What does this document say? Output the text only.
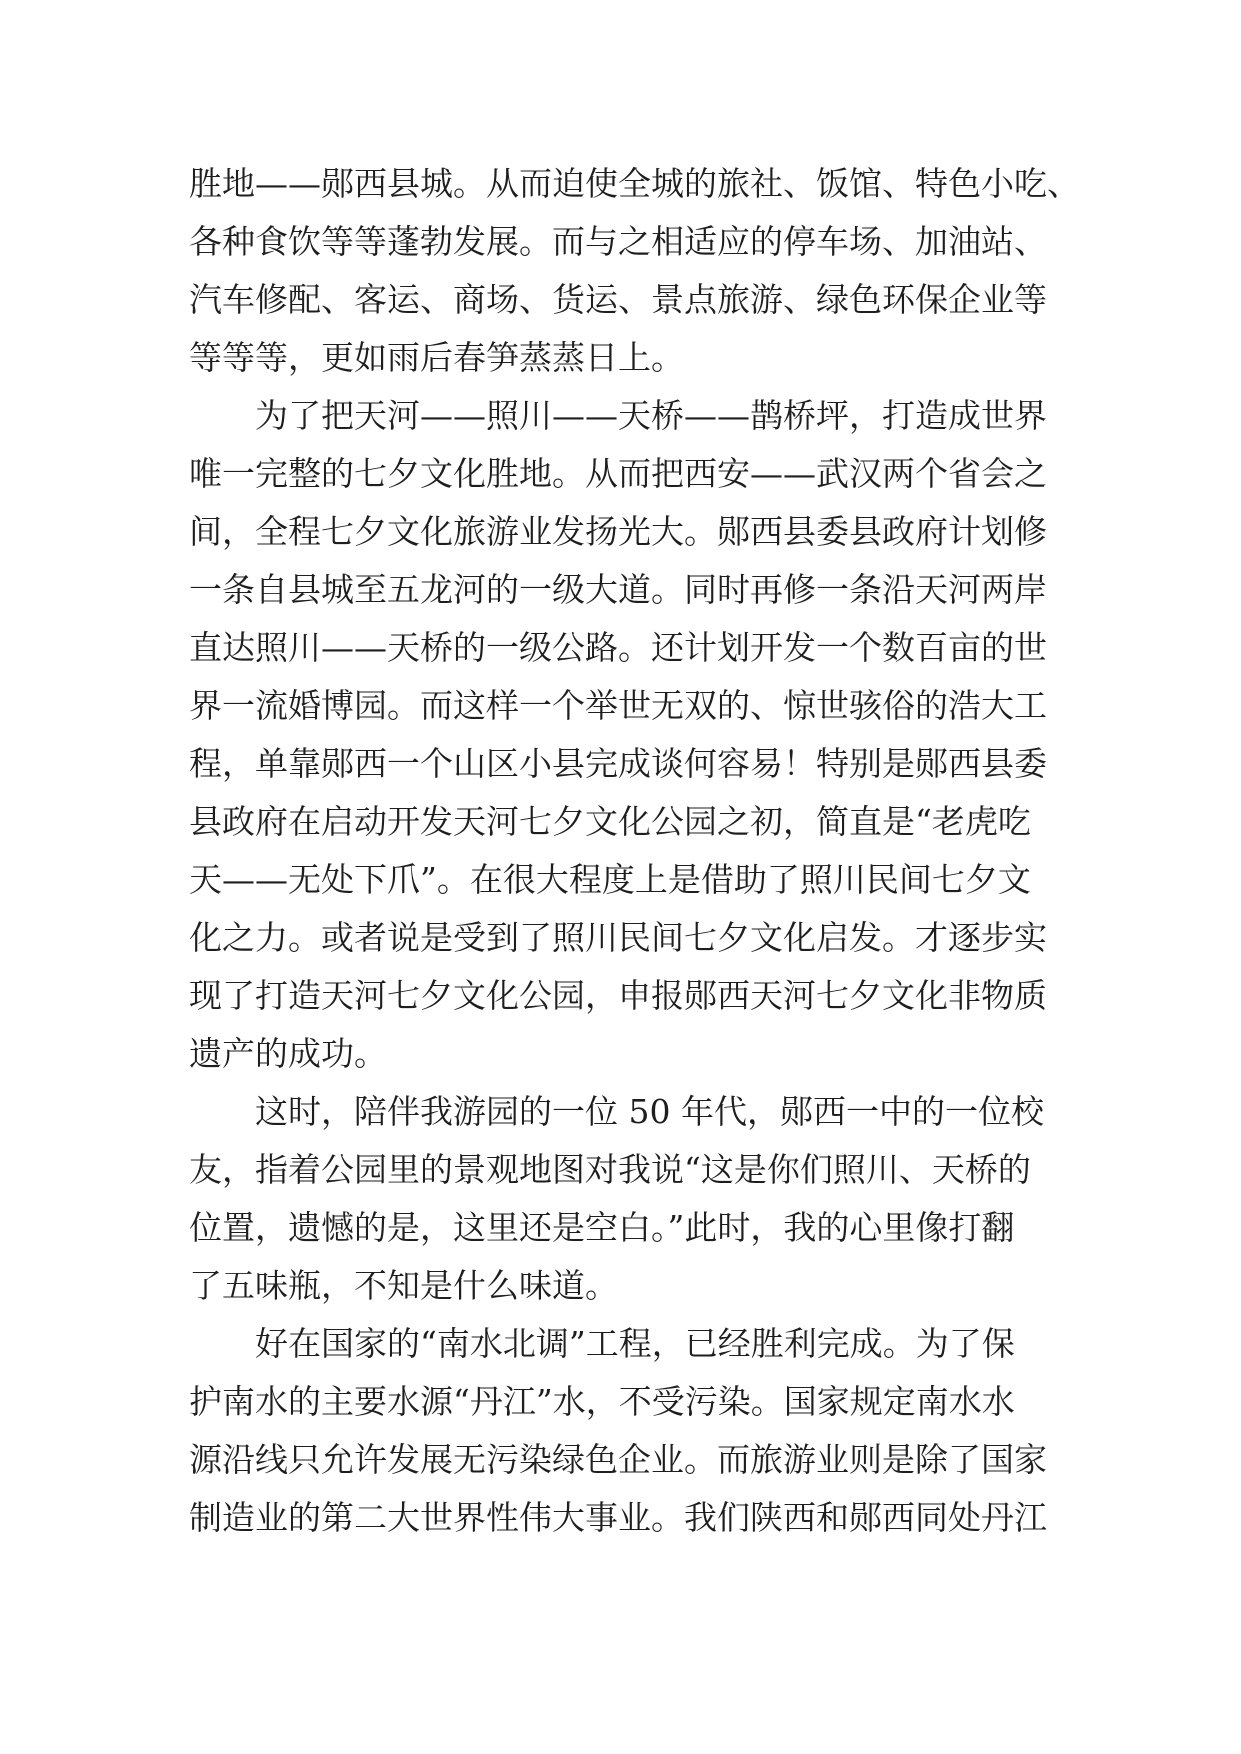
胜地——郧西县城。从而迫使全城的旅社、饭馆、特色小吃、
各种食饮等等蓬勃发展。而与之相适应的停车场、加油站、
汽车修配、客运、商场、货运、景点旅游、绿色环保企业等
等等等，更如雨后春笋蒸蒸日上。
为了把天河——照川——天桥——鹊桥坪，打造成世界
唯一完整的七夕文化胜地。从而把西安——武汉两个省会之
间，全程七夕文化旅游业发扬光大。郧西县委县政府计划修
一条自县城至五龙河的一级大道。同时再修一条沿天河两岸
直达照川——天桥的一级公路。还计划开发一个数百亩的世
界一流婚博园。而这样一个举世无双的、惊世骇俗的浩大工
程，单靠郧西一个山区小县完成谈何容易！特别是郧西县委
县政府在启动开发天河七夕文化公园之初，简直是“老虎吃
天——无处下爪”。在很大程度上是借助了照川民间七夕文
化之力。或者说是受到了照川民间七夕文化启发。才逐步实
现了打造天河七夕文化公园，申报郧西天河七夕文化非物质
遗产的成功。
这时，陪伴我游园的一位 50 年代，郧西一中的一位校
友，指着公园里的景观地图对我说“这是你们照川、天桥的
位置，遗憾的是，这里还是空白。”此时，我的心里像打翻
了五味瓶，不知是什么味道。
好在国家的“南水北调”工程，已经胜利完成。为了保
护南水的主要水源“丹江”水，不受污染。国家规定南水水
源沿线只允许发展无污染绿色企业。而旅游业则是除了国家
制造业的第二大世界性伟大事业。我们陕西和郧西同处丹江
